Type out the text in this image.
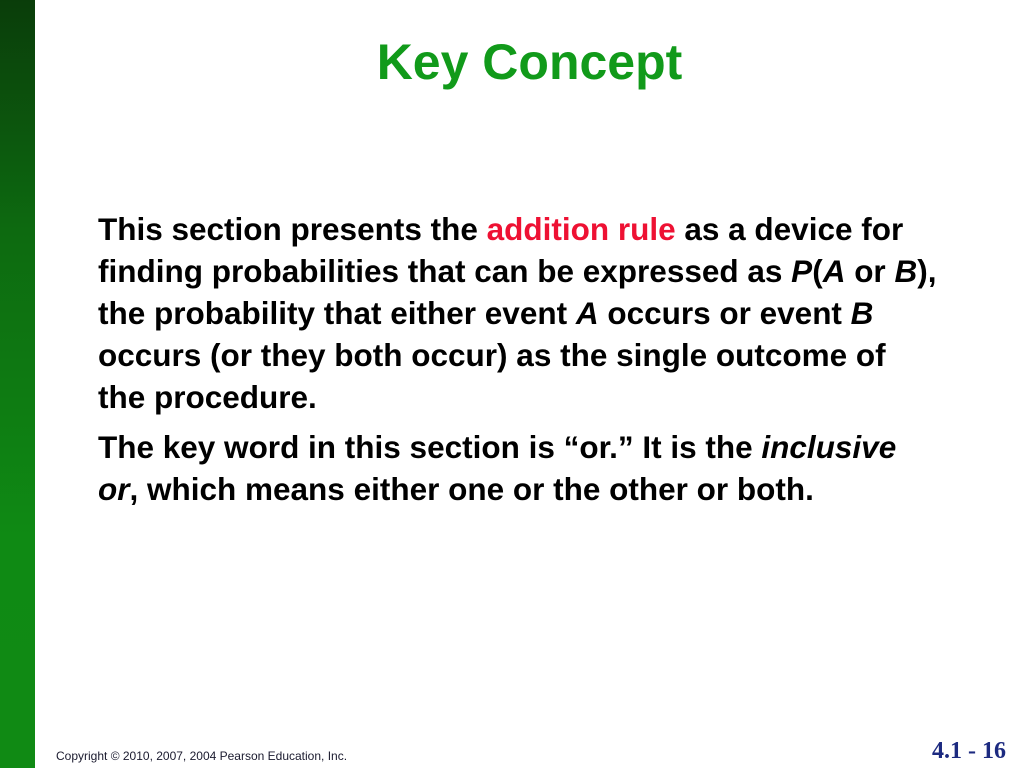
Key Concept

This section presents the addition rule as a device for finding probabilities that can be expressed as P(A or B), the probability that either event A occurs or event B occurs (or they both occur) as the single outcome of the procedure.

The key word in this section is “or.” It is the inclusive or, which means either one or the other or both.

Copyright © 2010, 2007, 2004 Pearson Education, Inc.	4.1 - 16
